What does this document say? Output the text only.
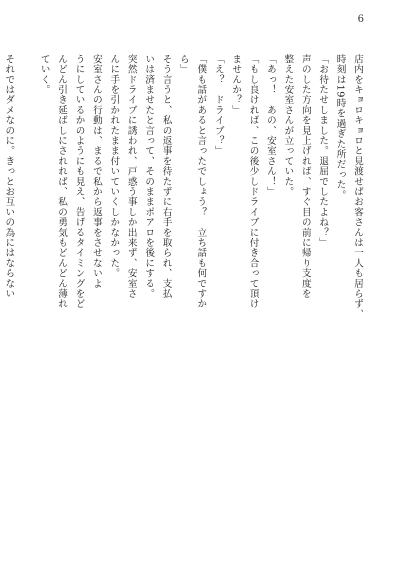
6
店内をキョロキョロと見渡せばお客さんは一人も居らず、
時刻は19時を過ぎた所だった。
「お待たせしました。退屈でしたよね？」
声のした方向を見上げれば、すぐ目の前に帰り支度を
整えた安室さんが立っていた。
「あっ！　あの、安室さん！」
「もし良ければ、この後少しドライブに付き合って頂け
ませんか？」
「え？　ドライブ？」
「僕も話があると言ったでしょう？　立ち話も何ですか
ら」
そう言うと、私の返事を待たずに右手を取られ、支払
いは済ませたと言って、そのままポアロを後にする。
突然ドライブに誘われ、戸惑う事しか出来ず、安室さ
んに手を引かれたまま付いていくしかなかった。
安室さんの行動は、まるで私から返事をさせないよ
うにしているかのようにも見え、告げるタイミングをど
んどん引き延ばしにされれば、私の勇気もどんどん薄れ
ていく。
それではダメなのに。きっとお互いの為にはならない
